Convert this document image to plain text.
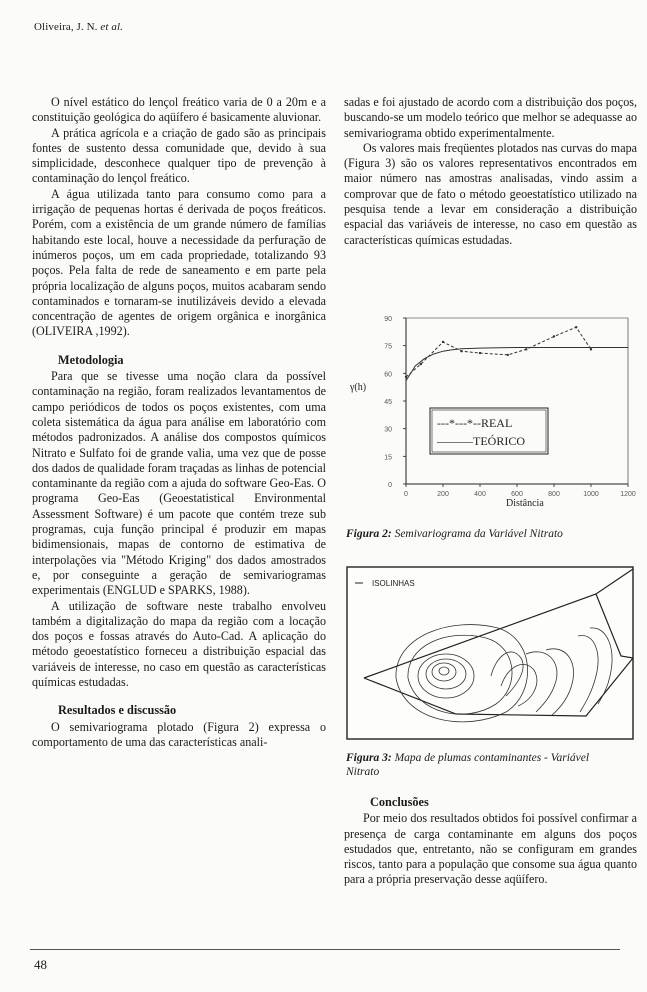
Oliveira, J. N. et al.

O nível estático do lençol freático varia de 0 a 20m e a constituição geológica do aqüífero é basicamente aluvionar.

A prática agrícola e a criação de gado são as principais fontes de sustento dessa comunidade que, devido à sua simplicidade, desconhece qualquer tipo de prevenção à contaminação do lençol freático.

A água utilizada tanto para consumo como para a irrigação de pequenas hortas é derivada de poços freáticos. Porém, com a existência de um grande número de famílias habitando este local, houve a necessidade da perfuração de inúmeros poços, um em cada propriedade, totalizando 93 poços. Pela falta de rede de saneamento e em parte pela própria localização de alguns poços, muitos acabaram sendo contaminados e tornaram-se inutilizáveis devido a elevada concentração de agentes de origem orgânica e inorgânica (OLIVEIRA ,1992).

Metodologia

Para que se tivesse uma noção clara da possível contaminação na região, foram realizados levantamentos de campo periódicos de todos os poços existentes, com uma coleta sistemática da água para análise em laboratório com métodos padronizados. A análise dos compostos químicos Nitrato e Sulfato foi de grande valia, uma vez que de posse dos dados de qualidade foram traçadas as linhas de potencial contaminante da região com a ajuda do software Geo-Eas. O programa Geo-Eas (Geoestatistical Environmental Assessment Software) é um pacote que contém treze sub programas, cuja função principal é produzir em mapas bidimensionais, mapas de contorno de estimativa de interpolações via "Método Kriging" dos dados amostrados e, por conseguinte a geração de semivariogramas experimentais (ENGLUD e SPARKS, 1988).

A utilização de software neste trabalho envolveu também a digitalização do mapa da região com a locação dos poços e fossas através do Auto-Cad. A aplicação do método geoestatístico forneceu a distribuição espacial das variáveis de interesse, no caso em questão as características químicas estudadas.

Resultados e discussão

O semivariograma plotado (Figura 2) expressa o comportamento de uma das características anali-

sadas e foi ajustado de acordo com a distribuição dos poços, buscando-se um modelo teórico que melhor se adequasse ao semivariograma obtido experimentalmente.

Os valores mais freqüentes plotados nas curvas do mapa (Figura 3) são os valores representativos encontrados em maior número nas amostras analisadas, vindo assim a comprovar que de fato o método geoestatístico utilizado na pesquisa tende a levar em consideração a distribuição espacial das variáveis de interesse, no caso em questão as características químicas estudadas.

0
15
30
45
60
75
90
0	200	400	600	800	1000	1200
γ(h)
Distância
---*---*--REAL
———TEÓRICO
Figura 2: Semivariograma da Variável Nitrato
ISOLINHAS
Figura 3: Mapa de plumas contaminantes - Variável Nitrato
Conclusões

Por meio dos resultados obtidos foi possível confirmar a presença de carga contaminante em alguns dos poços estudados que, entretanto, não se configuram em grandes riscos, tanto para a população que consome sua água quanto para a própria preservação desse aqüífero.

48
